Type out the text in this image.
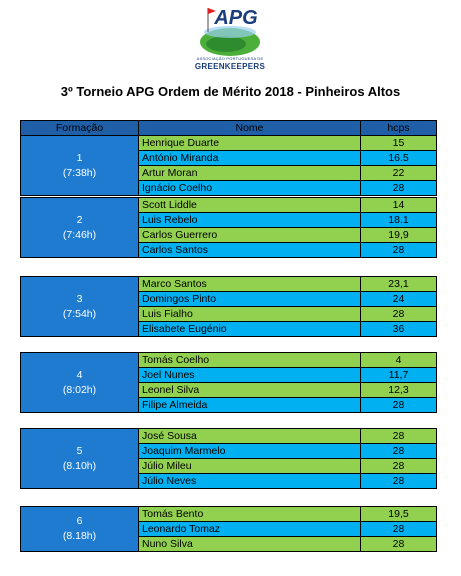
APG
ASSOCIAÇÃO PORTUGUESA DE
GREENKEEPERS
3º Torneio APG Ordem de Mérito 2018 - Pinheiros Altos
Formação	Nome	hcps

1
(7:38h)	Henrique Duarte	15
	António Miranda	16.5
	Artur Moran	22
	Ignácio Coelho	28
2
(7:46h)	Scott Liddle	14
	Luis Rebelo	18.1
	Carlos Guerrero	19,9
	Carlos Santos	28
3
(7:54h)	Marco Santos	23,1
	Domingos Pinto	24
	Luis Fialho	28
	Elisabete Eugénio	36
4
(8:02h)	Tomás Coelho	4
	Joel Nunes	11,7
	Leonel Silva	12,3
	Filipe Almeida	28
5
(8.10h)	José Sousa	28
	Joaquim Marmelo	28
	Júlio Mileu	28
	Júlio Neves	28
6
(8.18h)	Tomás Bento	19,5
	Leonardo Tomaz	28
	Nuno Silva	28
